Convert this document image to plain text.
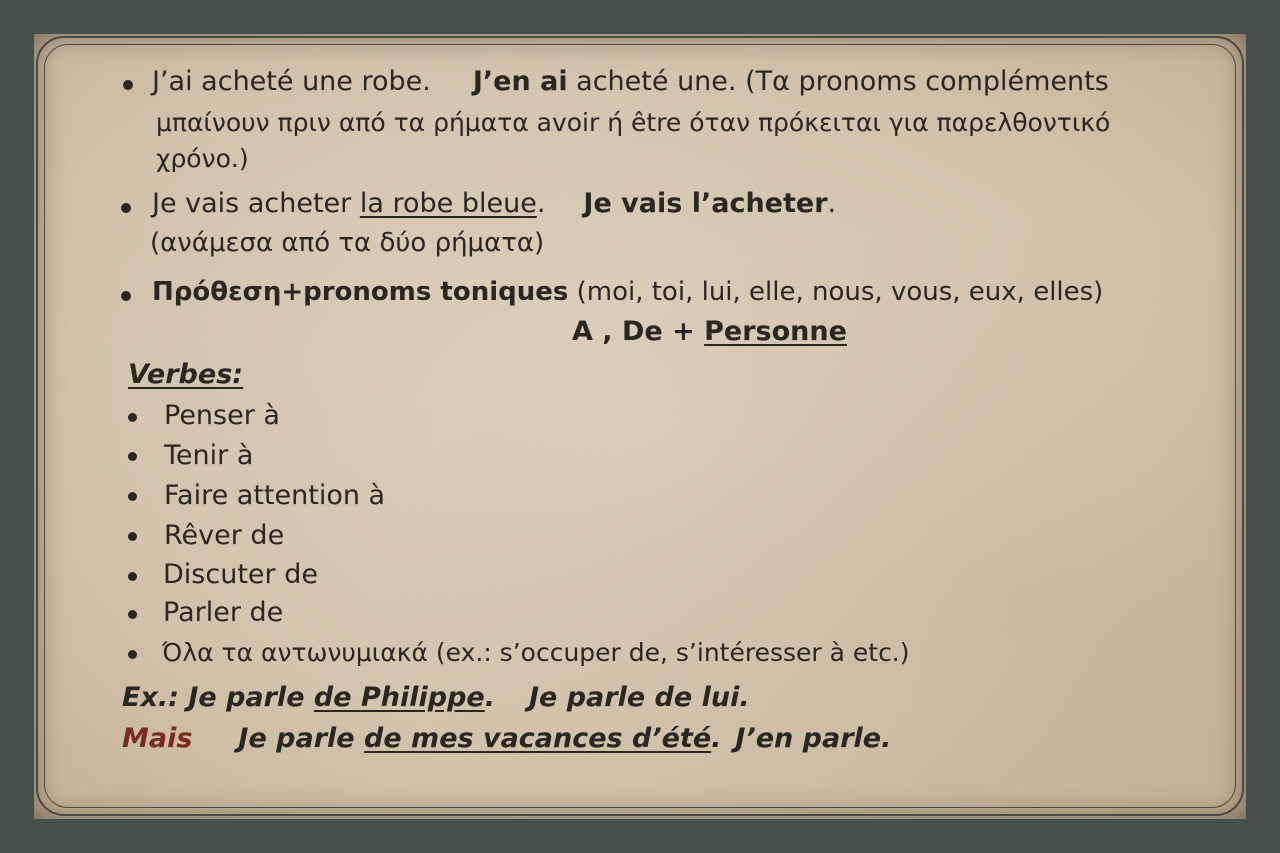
J’ai acheté une robe. J’en ai acheté une. (Τα pronoms compléments
μπαίνουν πριν από τα ρήματα avoir ή être όταν πρόκειται για παρελθοντικό
χρόνο.)
Je vais acheter la robe bleue. Je vais l’acheter.
(ανάμεσα από τα δύο ρήματα)
Πρόθεση+pronoms toniques (moi, toi, lui, elle, nous, vous, eux, elles)
A , De + Personne
Verbes:
Penser à
Tenir à
Faire attention à
Rêver de
Discuter de
Parler de
Όλα τα αντωνυμιακά (ex.: s’occuper de, s’intéresser à etc.)
Ex.: Je parle de Philippe. Je parle de lui.
Mais Je parle de mes vacances d’été. J’en parle.
